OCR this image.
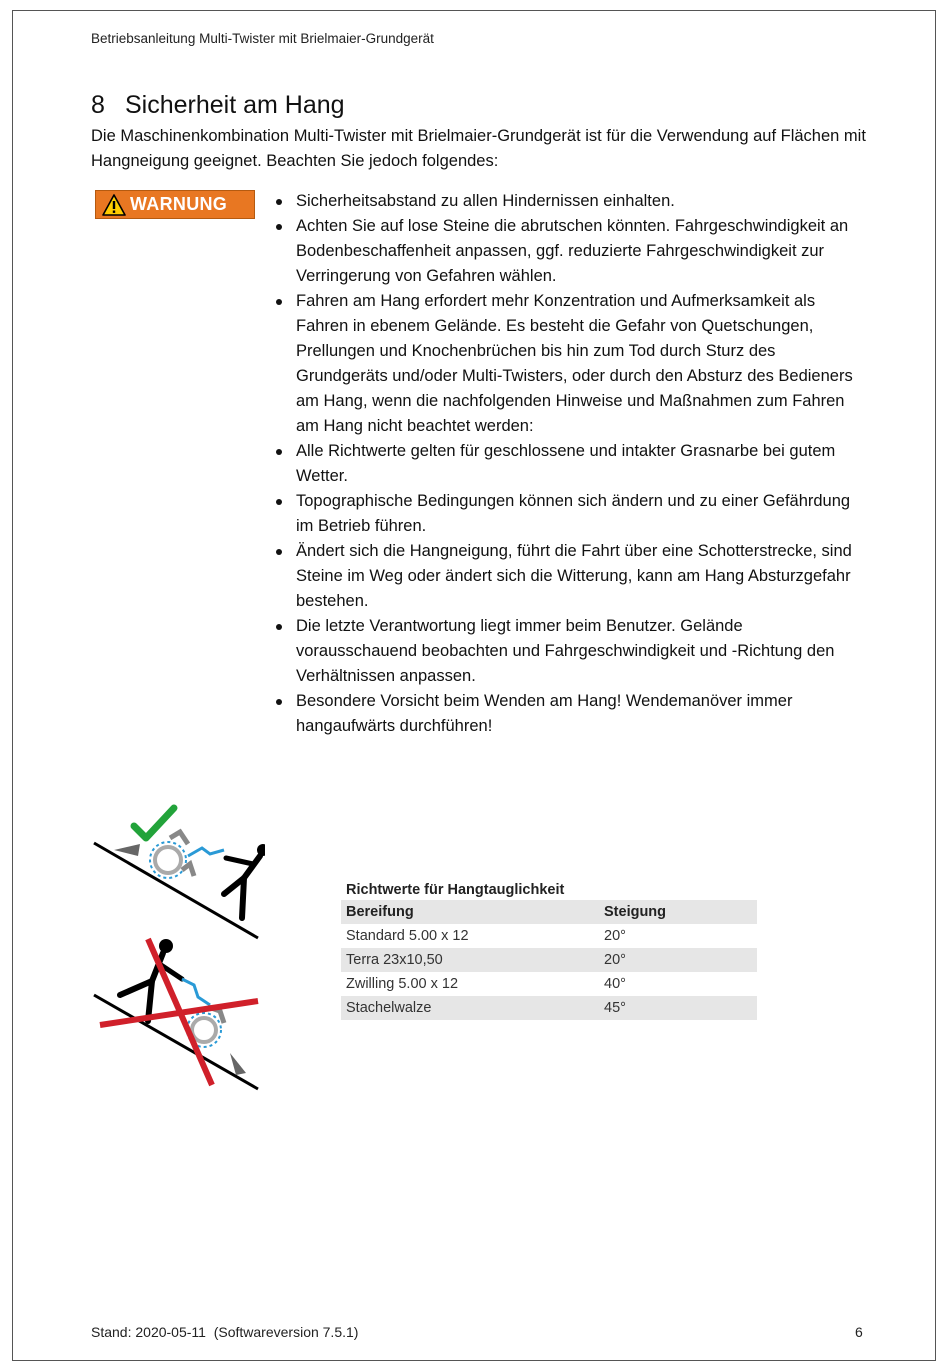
Betriebsanleitung Multi-Twister mit Brielmaier-Grundgerät
8 Sicherheit am Hang

Die Maschinenkombination Multi-Twister mit Brielmaier-Grundgerät ist für die Verwendung auf Flächen mit Hangneigung geeignet. Beachten Sie jedoch folgendes:

WARNUNG	Sicherheitsabstand zu allen Hindernissen einhalten.
Achten Sie auf lose Steine die abrutschen könnten. Fahrgeschwindigkeit an Bodenbeschaffenheit anpassen, ggf. reduzierte Fahrgeschwindigkeit zur Verringerung von Gefahren wählen.
Fahren am Hang erfordert mehr Konzentration und Aufmerksamkeit als Fahren in ebenem Gelände. Es besteht die Gefahr von Quetschungen, Prellungen und Knochenbrüchen bis hin zum Tod durch Sturz des Grundgeräts und/oder Multi-Twisters, oder durch den Absturz des Bedieners am Hang, wenn die nachfolgenden Hinweise und Maßnahmen zum Fahren am Hang nicht beachtet werden:
Alle Richtwerte gelten für geschlossene und intakter Grasnarbe bei gutem Wetter.
Topographische Bedingungen können sich ändern und zu einer Gefährdung im Betrieb führen.
Ändert sich die Hangneigung, führt die Fahrt über eine Schotterstrecke, sind Steine im Weg oder ändert sich die Witterung, kann am Hang Absturzgefahr bestehen.
Die letzte Verantwortung liegt immer beim Benutzer. Gelände vorausschauend beobachten und Fahrgeschwindigkeit und -Richtung den Verhältnissen anpassen.
Besondere Vorsicht beim Wenden am Hang! Wendemanöver immer hangaufwärts durchführen!
Richtwerte für Hangtauglichkeit
Bereifung	Steigung
Standard 5.00 x 12	20°
Terra 23x10,50	20°
Zwilling 5.00 x 12	40°
Stachelwalze	45°
Stand: 2020-05-11  (Softwareversion 7.5.1)	6
